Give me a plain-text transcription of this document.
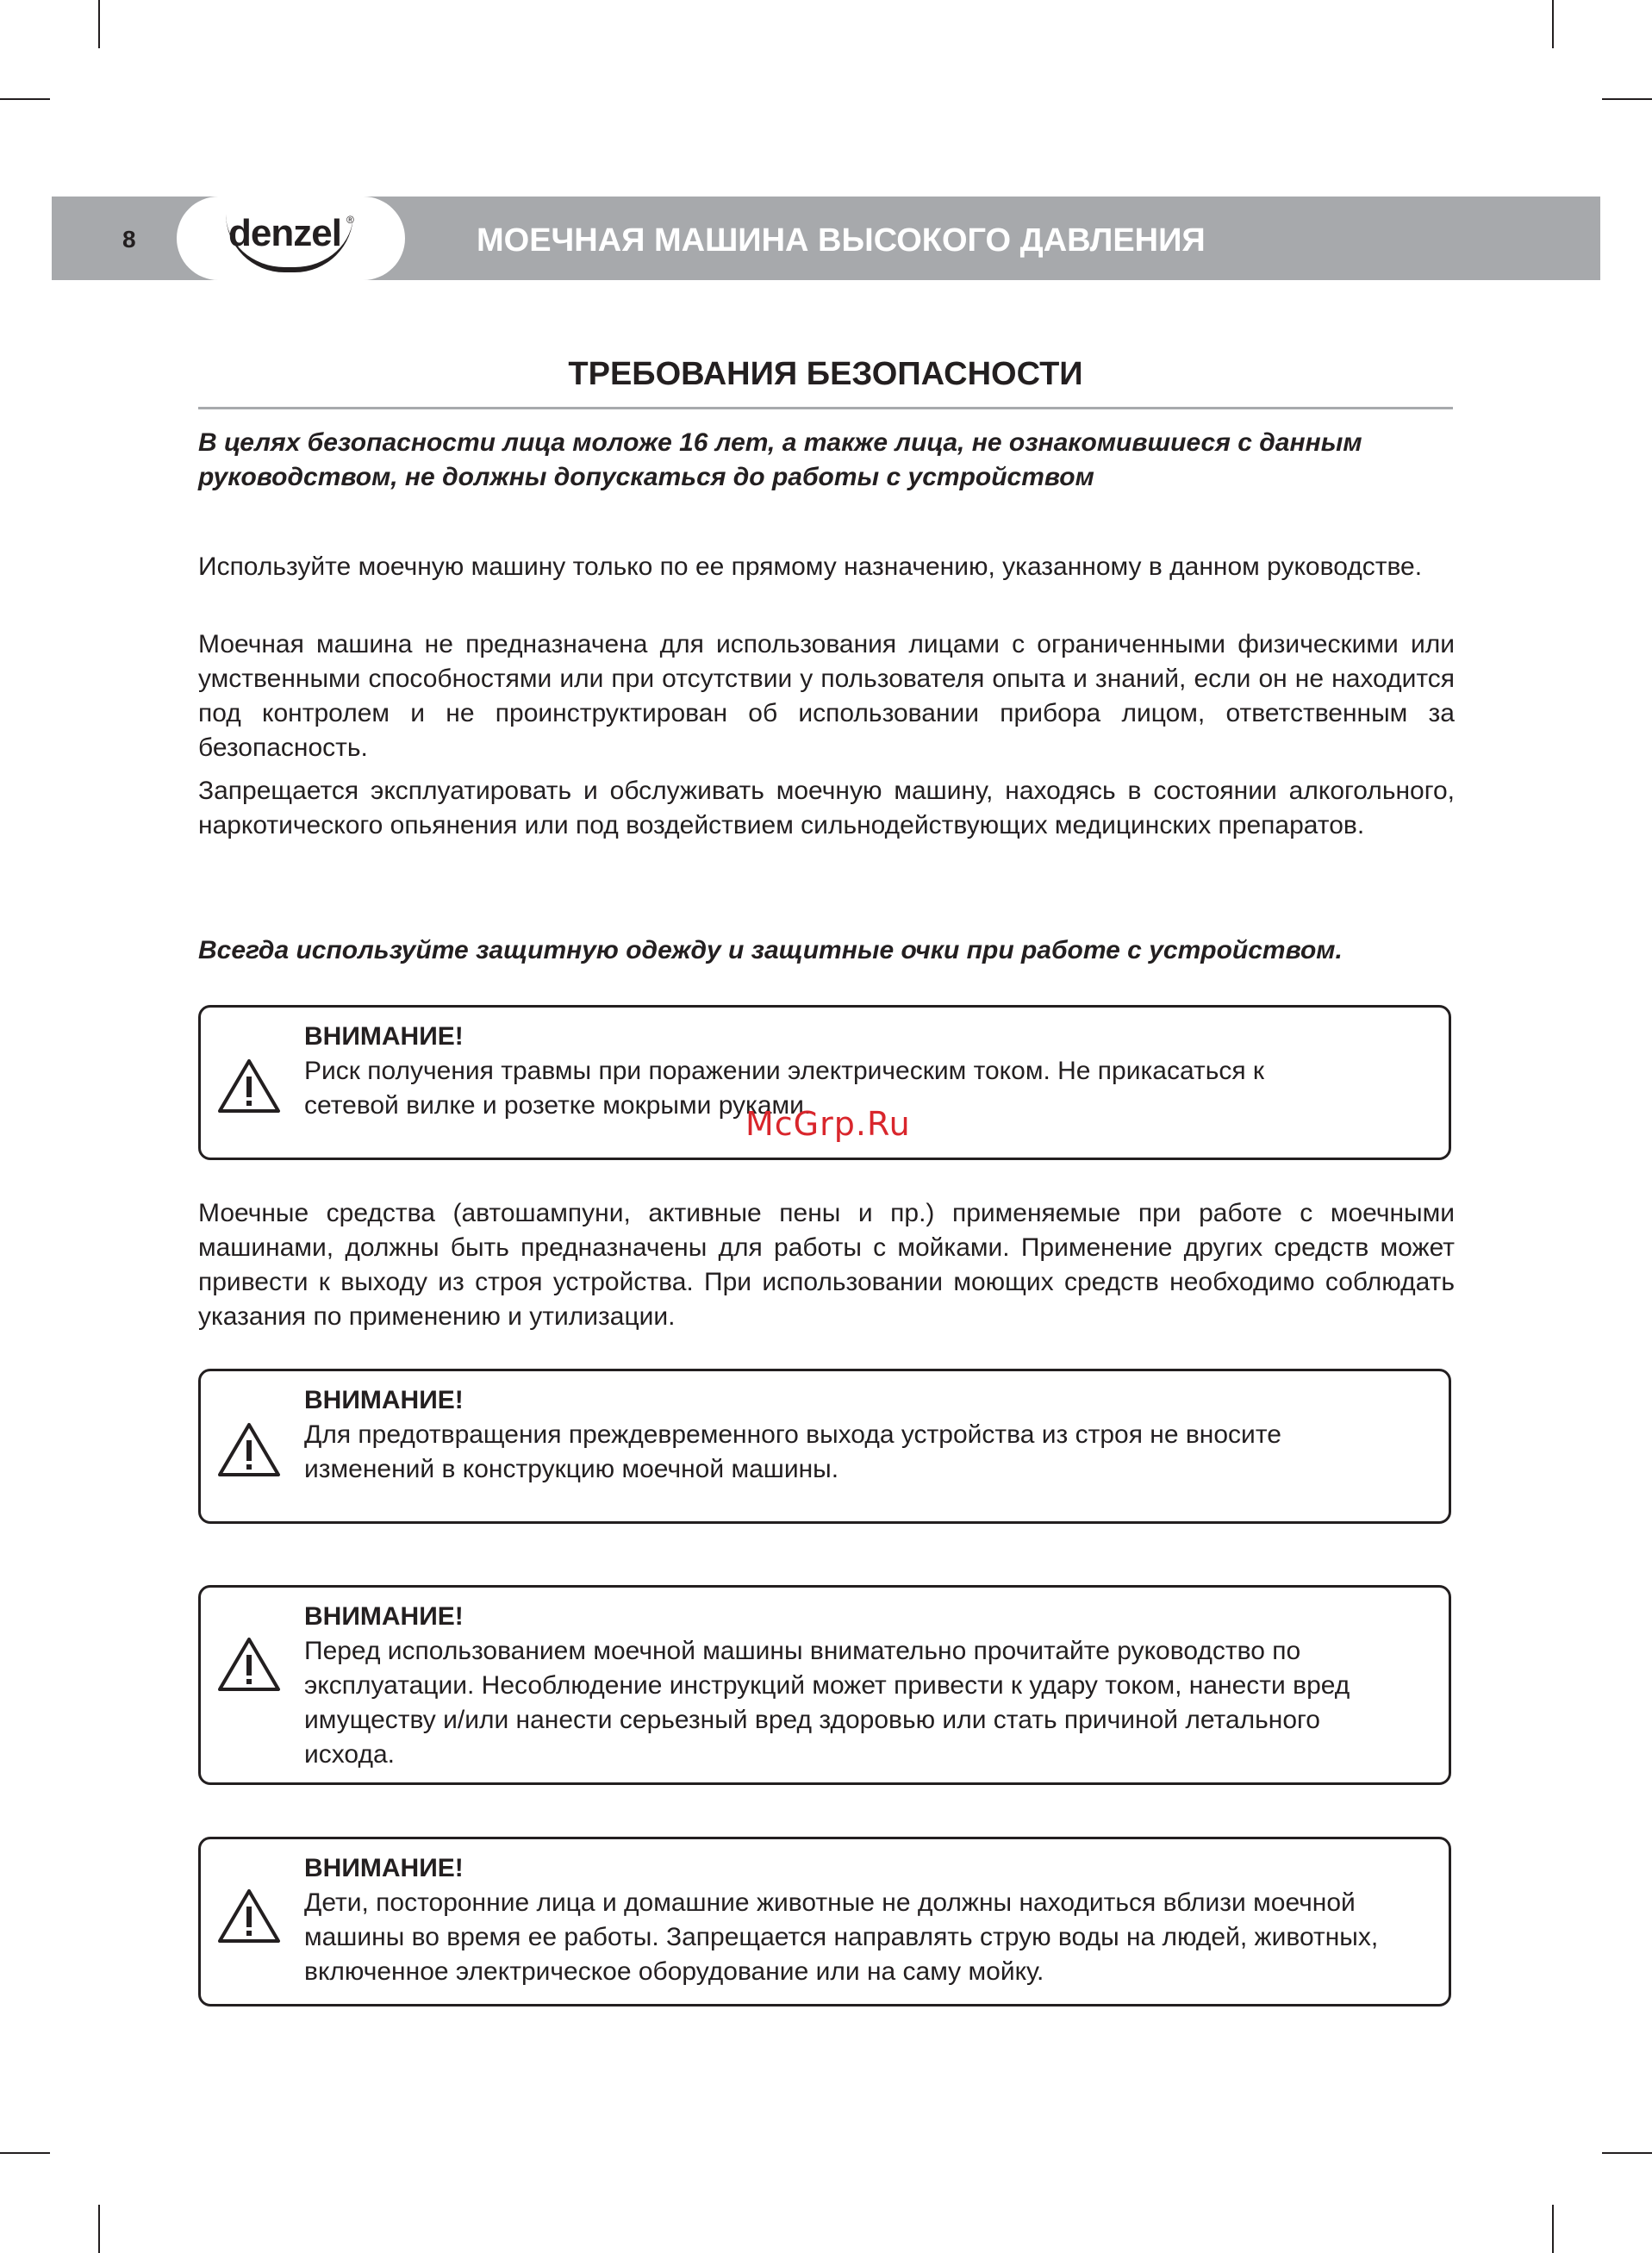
8 denzel ®
МОЕЧНАЯ МАШИНА ВЫСОКОГО ДАВЛЕНИЯ
ТРЕБОВАНИЯ БЕЗОПАСНОСТИ
В целях безопасности лица моложе 16 лет, а также лица, не ознакомившиеся с данным руководством, не должны допускаться до работы с устройством
Используйте моечную машину только по ее прямому назначению, указанному в данном руководстве.
Моечная машина не предназначена для использования лицами с ограниченными физическими или умственными способностями или при отсутствии у пользователя опыта и знаний, если он не находится под контролем и не проинструктирован об использовании прибора лицом, ответственным за безопасность.
Запрещается эксплуатировать и обслуживать моечную машину, находясь в состоянии алкогольного, наркотического опьянения или под воздействием сильнодействующих медицинских препаратов.
Всегда используйте защитную одежду и защитные очки при работе с устройством.
ВНИМАНИЕ!
Риск получения травмы при поражении электрическим током. Не прикасаться к сетевой вилке и розетке мокрыми руками.
McGrp.Ru
Моечные средства (автошампуни, активные пены и пр.) применяемые при работе с моечными машинами, должны быть предназначены для работы с мойками. Применение других средств может привести к выходу из строя устройства. При использовании моющих средств необходимо соблюдать указания по применению и утилизации.
ВНИМАНИЕ!
Для предотвращения преждевременного выхода устройства из строя не вносите изменений в конструкцию моечной машины.
ВНИМАНИЕ!
Перед использованием моечной машины внимательно прочитайте руководство по эксплуатации. Несоблюдение инструкций может привести к удару током, нанести вред имуществу и/или нанести серьезный вред здоровью или стать причиной летального исхода.
ВНИМАНИЕ!
Дети, посторонние лица и домашние животные не должны находиться вблизи моечной машины во время ее работы. Запрещается направлять струю воды на людей, животных, включенное электрическое оборудование или на саму мойку.
